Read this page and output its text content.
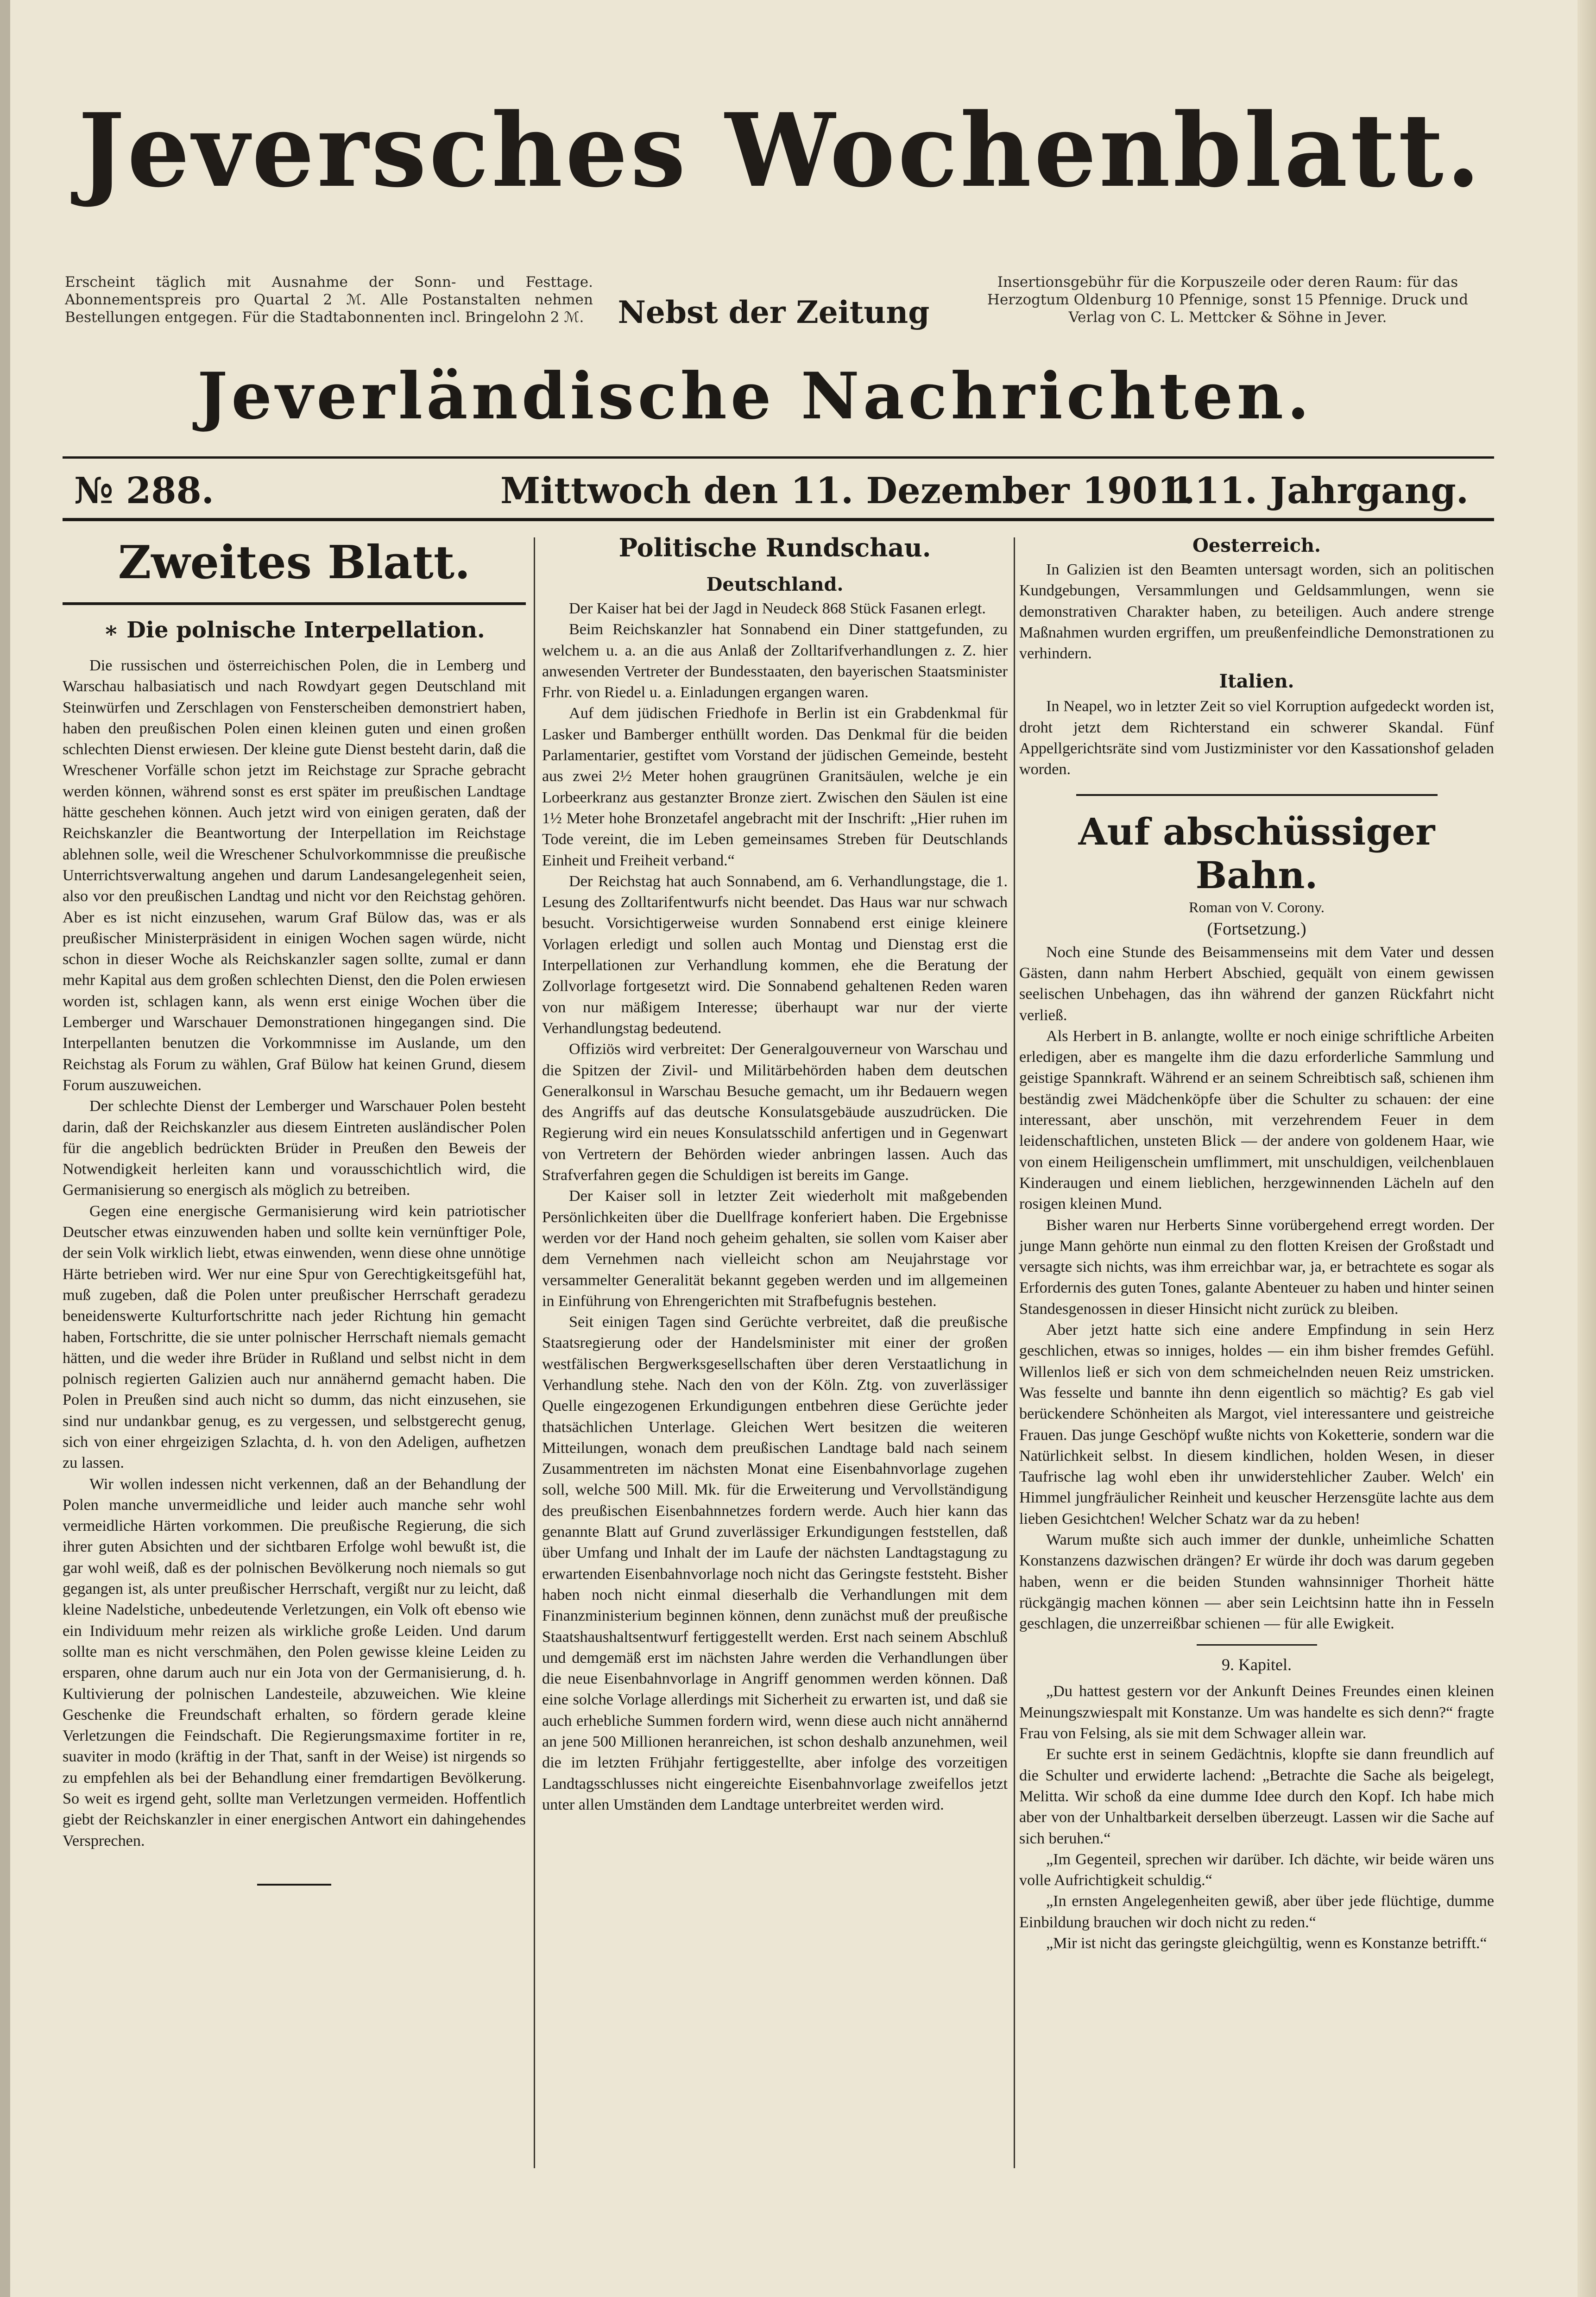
Jeversches Wochenblatt.
Erscheint täglich mit Ausnahme der Sonn- und Festtage. Abonnementspreis pro Quartal 2 ℳ. Alle Postanstalten nehmen Bestellungen entgegen. Für die Stadtabonnenten incl. Bringelohn 2 ℳ.	Nebst der Zeitung
Insertionsgebühr für die Korpuszeile oder deren Raum: für das Herzogtum Oldenburg 10 Pfennige, sonst 15 Pfennige. Druck und Verlag von C. L. Mettcker & Söhne in Jever.
Jeverländische Nachrichten.
№ 288.	Mittwoch den 11. Dezember 1901.
111. Jahrgang.
Zweites Blatt.
∗ Die polnische Interpellation.

Die russischen und österreichischen Polen, die in Lemberg und Warschau halbasiatisch und nach Rowdyart gegen Deutschland mit Steinwürfen und Zerschlagen von Fensterscheiben demonstriert haben, haben den preußischen Polen einen kleinen guten und einen großen schlechten Dienst erwiesen. Der kleine gute Dienst besteht darin, daß die Wreschener Vorfälle schon jetzt im Reichstage zur Sprache gebracht werden können, während sonst es erst später im preußischen Landtage hätte geschehen können. Auch jetzt wird von einigen geraten, daß der Reichskanzler die Beantwortung der Interpellation im Reichstage ablehnen solle, weil die Wreschener Schulvorkommnisse die preußische Unterrichtsverwaltung angehen und darum Landesangelegenheit seien, also vor den preußischen Landtag und nicht vor den Reichstag gehören. Aber es ist nicht einzusehen, warum Graf Bülow das, was er als preußischer Ministerpräsident in einigen Wochen sagen würde, nicht schon in dieser Woche als Reichskanzler sagen sollte, zumal er dann mehr Kapital aus dem großen schlechten Dienst, den die Polen erwiesen worden ist, schlagen kann, als wenn erst einige Wochen über die Lemberger und Warschauer Demonstrationen hingegangen sind. Die Interpellanten benutzen die Vorkommnisse im Auslande, um den Reichstag als Forum zu wählen, Graf Bülow hat keinen Grund, diesem Forum auszuweichen.

Der schlechte Dienst der Lemberger und Warschauer Polen besteht darin, daß der Reichskanzler aus diesem Eintreten ausländischer Polen für die angeblich bedrückten Brüder in Preußen den Beweis der Notwendigkeit herleiten kann und vorausschichtlich wird, die Germanisierung so energisch als möglich zu betreiben.

Gegen eine energische Germanisierung wird kein patriotischer Deutscher etwas einzuwenden haben und sollte kein vernünftiger Pole, der sein Volk wirklich liebt, etwas einwenden, wenn diese ohne unnötige Härte betrieben wird. Wer nur eine Spur von Gerechtigkeitsgefühl hat, muß zugeben, daß die Polen unter preußischer Herrschaft geradezu beneidenswerte Kulturfortschritte nach jeder Richtung hin gemacht haben, Fortschritte, die sie unter polnischer Herrschaft niemals gemacht hätten, und die weder ihre Brüder in Rußland und selbst nicht in dem polnisch regierten Galizien auch nur annähernd gemacht haben. Die Polen in Preußen sind auch nicht so dumm, das nicht einzusehen, sie sind nur undankbar genug, es zu vergessen, und selbstgerecht genug, sich von einer ehrgeizigen Szlachta, d. h. von den Adeligen, aufhetzen zu lassen.

Wir wollen indessen nicht verkennen, daß an der Behandlung der Polen manche unvermeidliche und leider auch manche sehr wohl vermeidliche Härten vorkommen. Die preußische Regierung, die sich ihrer guten Absichten und der sichtbaren Erfolge wohl bewußt ist, die gar wohl weiß, daß es der polnischen Bevölkerung noch niemals so gut gegangen ist, als unter preußischer Herrschaft, vergißt nur zu leicht, daß kleine Nadelstiche, unbedeutende Verletzungen, ein Volk oft ebenso wie ein Individuum mehr reizen als wirkliche große Leiden. Und darum sollte man es nicht verschmähen, den Polen gewisse kleine Leiden zu ersparen, ohne darum auch nur ein Jota von der Germanisierung, d. h. Kultivierung der polnischen Landesteile, abzuweichen. Wie kleine Geschenke die Freundschaft erhalten, so fördern gerade kleine Verletzungen die Feindschaft. Die Regierungsmaxime fortiter in re, suaviter in modo (kräftig in der That, sanft in der Weise) ist nirgends so zu empfehlen als bei der Behandlung einer fremdartigen Bevölkerung. So weit es irgend geht, sollte man Verletzungen vermeiden. Hoffentlich giebt der Reichskanzler in einer energischen Antwort ein dahingehendes Versprechen.

Politische Rundschau.
Deutschland.

Der Kaiser hat bei der Jagd in Neudeck 868 Stück Fasanen erlegt.

Beim Reichskanzler hat Sonnabend ein Diner stattgefunden, zu welchem u. a. an die aus Anlaß der Zolltarifverhandlungen z. Z. hier anwesenden Vertreter der Bundesstaaten, den bayerischen Staatsminister Frhr. von Riedel u. a. Einladungen ergangen waren.

Auf dem jüdischen Friedhofe in Berlin ist ein Grabdenkmal für Lasker und Bamberger enthüllt worden. Das Denkmal für die beiden Parlamentarier, gestiftet vom Vorstand der jüdischen Gemeinde, besteht aus zwei 2½ Meter hohen graugrünen Granitsäulen, welche je ein Lorbeerkranz aus gestanzter Bronze ziert. Zwischen den Säulen ist eine 1½ Meter hohe Bronzetafel angebracht mit der Inschrift: „Hier ruhen im Tode vereint, die im Leben gemeinsames Streben für Deutschlands Einheit und Freiheit verband.“

Der Reichstag hat auch Sonnabend, am 6. Verhandlungstage, die 1. Lesung des Zolltarifentwurfs nicht beendet. Das Haus war nur schwach besucht. Vorsichtigerweise wurden Sonnabend erst einige kleinere Vorlagen erledigt und sollen auch Montag und Dienstag erst die Interpellationen zur Verhandlung kommen, ehe die Beratung der Zollvorlage fortgesetzt wird. Die Sonnabend gehaltenen Reden waren von nur mäßigem Interesse; überhaupt war nur der vierte Verhandlungstag bedeutend.

Offiziös wird verbreitet: Der Generalgouverneur von Warschau und die Spitzen der Zivil- und Militärbehörden haben dem deutschen Generalkonsul in Warschau Besuche gemacht, um ihr Bedauern wegen des Angriffs auf das deutsche Konsulatsgebäude auszudrücken. Die Regierung wird ein neues Konsulatsschild anfertigen und in Gegenwart von Vertretern der Behörden wieder anbringen lassen. Auch das Strafverfahren gegen die Schuldigen ist bereits im Gange.

Der Kaiser soll in letzter Zeit wiederholt mit maßgebenden Persönlichkeiten über die Duellfrage konferiert haben. Die Ergebnisse werden vor der Hand noch geheim gehalten, sie sollen vom Kaiser aber dem Vernehmen nach vielleicht schon am Neujahrstage vor versammelter Generalität bekannt gegeben werden und im allgemeinen in Einführung von Ehrengerichten mit Strafbefugnis bestehen.

Seit einigen Tagen sind Gerüchte verbreitet, daß die preußische Staatsregierung oder der Handelsminister mit einer der großen westfälischen Bergwerksgesellschaften über deren Verstaatlichung in Verhandlung stehe. Nach den von der Köln. Ztg. von zuverlässiger Quelle eingezogenen Erkundigungen entbehren diese Gerüchte jeder thatsächlichen Unterlage. Gleichen Wert besitzen die weiteren Mitteilungen, wonach dem preußischen Landtage bald nach seinem Zusammentreten im nächsten Monat eine Eisenbahnvorlage zugehen soll, welche 500 Mill. Mk. für die Erweiterung und Vervollständigung des preußischen Eisenbahnnetzes fordern werde. Auch hier kann das genannte Blatt auf Grund zuverlässiger Erkundigungen feststellen, daß über Umfang und Inhalt der im Laufe der nächsten Landtagstagung zu erwartenden Eisenbahnvorlage noch nicht das Geringste feststeht. Bisher haben noch nicht einmal dieserhalb die Verhandlungen mit dem Finanzministerium beginnen können, denn zunächst muß der preußische Staatshaushaltsentwurf fertiggestellt werden. Erst nach seinem Abschluß und demgemäß erst im nächsten Jahre werden die Verhandlungen über die neue Eisenbahnvorlage in Angriff genommen werden können. Daß eine solche Vorlage allerdings mit Sicherheit zu erwarten ist, und daß sie auch erhebliche Summen fordern wird, wenn diese auch nicht annähernd an jene 500 Millionen heranreichen, ist schon deshalb anzunehmen, weil die im letzten Frühjahr fertiggestellte, aber infolge des vorzeitigen Landtagsschlusses nicht eingereichte Eisenbahnvorlage zweifellos jetzt unter allen Umständen dem Landtage unterbreitet werden wird.

Oesterreich.

In Galizien ist den Beamten untersagt worden, sich an politischen Kundgebungen, Versammlungen und Geldsammlungen, wenn sie demonstrativen Charakter haben, zu beteiligen. Auch andere strenge Maßnahmen wurden ergriffen, um preußenfeindliche Demonstrationen zu verhindern.

Italien.

In Neapel, wo in letzter Zeit so viel Korruption aufgedeckt worden ist, droht jetzt dem Richterstand ein schwerer Skandal. Fünf Appellgerichtsräte sind vom Justizminister vor den Kassationshof geladen worden.

Auf abschüssiger Bahn.
Roman von V. Corony.
(Fortsetzung.)

Noch eine Stunde des Beisammenseins mit dem Vater und dessen Gästen, dann nahm Herbert Abschied, gequält von einem gewissen seelischen Unbehagen, das ihn während der ganzen Rückfahrt nicht verließ.

Als Herbert in B. anlangte, wollte er noch einige schriftliche Arbeiten erledigen, aber es mangelte ihm die dazu erforderliche Sammlung und geistige Spannkraft. Während er an seinem Schreibtisch saß, schienen ihm beständig zwei Mädchenköpfe über die Schulter zu schauen: der eine interessant, aber unschön, mit verzehrendem Feuer in dem leidenschaftlichen, unsteten Blick — der andere von goldenem Haar, wie von einem Heiligenschein umflimmert, mit unschuldigen, veilchenblauen Kinderaugen und einem lieblichen, herzgewinnenden Lächeln auf den rosigen kleinen Mund.

Bisher waren nur Herberts Sinne vorübergehend erregt worden. Der junge Mann gehörte nun einmal zu den flotten Kreisen der Großstadt und versagte sich nichts, was ihm erreichbar war, ja, er betrachtete es sogar als Erfordernis des guten Tones, galante Abenteuer zu haben und hinter seinen Standesgenossen in dieser Hinsicht nicht zurück zu bleiben.

Aber jetzt hatte sich eine andere Empfindung in sein Herz geschlichen, etwas so inniges, holdes — ein ihm bisher fremdes Gefühl. Willenlos ließ er sich von dem schmeichelnden neuen Reiz umstricken. Was fesselte und bannte ihn denn eigentlich so mächtig? Es gab viel berückendere Schönheiten als Margot, viel interessantere und geistreiche Frauen. Das junge Geschöpf wußte nichts von Koketterie, sondern war die Natürlichkeit selbst. In diesem kindlichen, holden Wesen, in dieser Taufrische lag wohl eben ihr unwiderstehlicher Zauber. Welch' ein Himmel jungfräulicher Reinheit und keuscher Herzensgüte lachte aus dem lieben Gesichtchen! Welcher Schatz war da zu heben!

Warum mußte sich auch immer der dunkle, unheimliche Schatten Konstanzens dazwischen drängen? Er würde ihr doch was darum gegeben haben, wenn er die beiden Stunden wahnsinniger Thorheit hätte rückgängig machen können — aber sein Leichtsinn hatte ihn in Fesseln geschlagen, die unzerreißbar schienen — für alle Ewigkeit.

9. Kapitel.

„Du hattest gestern vor der Ankunft Deines Freundes einen kleinen Meinungszwiespalt mit Konstanze. Um was handelte es sich denn?“ fragte Frau von Felsing, als sie mit dem Schwager allein war.

Er suchte erst in seinem Gedächtnis, klopfte sie dann freundlich auf die Schulter und erwiderte lachend: „Betrachte die Sache als beigelegt, Melitta. Wir schoß da eine dumme Idee durch den Kopf. Ich habe mich aber von der Unhaltbarkeit derselben überzeugt. Lassen wir die Sache auf sich beruhen.“

„Im Gegenteil, sprechen wir darüber. Ich dächte, wir beide wären uns volle Aufrichtigkeit schuldig.“

„In ernsten Angelegenheiten gewiß, aber über jede flüchtige, dumme Einbildung brauchen wir doch nicht zu reden.“

„Mir ist nicht das geringste gleichgültig, wenn es Konstanze betrifft.“
